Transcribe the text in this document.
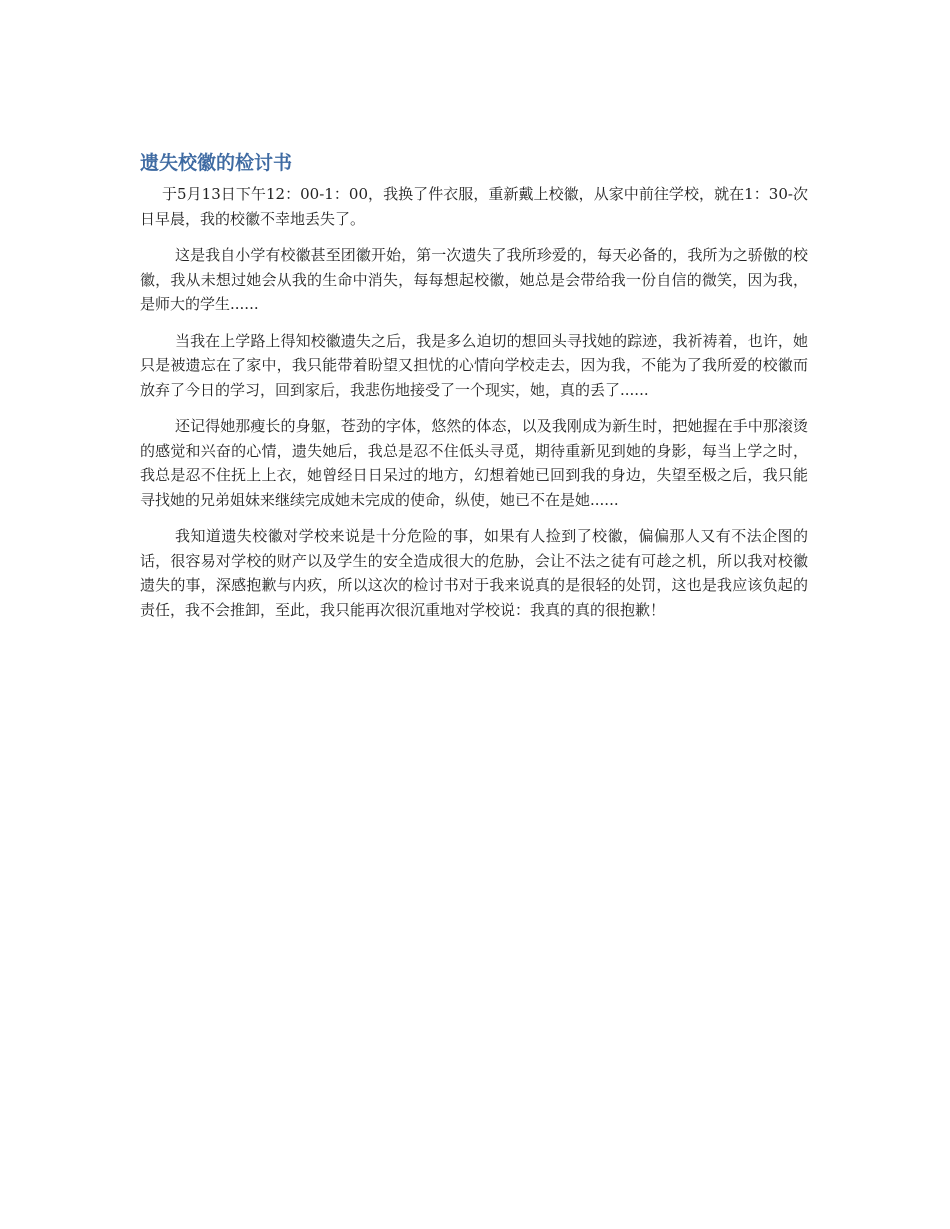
遗失校徽的检讨书

于5月13日下午12：00-1：00，我换了件衣服，重新戴上校徽，从家中前往学校，就在1：30-次日早晨，我的校徽不幸地丢失了。

这是我自小学有校徽甚至团徽开始，第一次遗失了我所珍爱的，每天必备的，我所为之骄傲的校徽，我从未想过她会从我的生命中消失，每每想起校徽，她总是会带给我一份自信的微笑，因为我，是师大的学生......

当我在上学路上得知校徽遗失之后，我是多么迫切的想回头寻找她的踪迹，我祈祷着，也许，她只是被遗忘在了家中，我只能带着盼望又担忧的心情向学校走去，因为我，不能为了我所爱的校徽而放弃了今日的学习，回到家后，我悲伤地接受了一个现实，她，真的丢了......

还记得她那瘦长的身躯，苍劲的字体，悠然的体态，以及我刚成为新生时，把她握在手中那滚烫的感觉和兴奋的心情，遗失她后，我总是忍不住低头寻觅，期待重新见到她的身影，每当上学之时，我总是忍不住抚上上衣，她曾经日日呆过的地方，幻想着她已回到我的身边，失望至极之后，我只能寻找她的兄弟姐妹来继续完成她未完成的使命，纵使，她已不在是她......

我知道遗失校徽对学校来说是十分危险的事，如果有人捡到了校徽，偏偏那人又有不法企图的话，很容易对学校的财产以及学生的安全造成很大的危胁，会让不法之徒有可趁之机，所以我对校徽遗失的事，深感抱歉与内疚，所以这次的检讨书对于我来说真的是很轻的处罚，这也是我应该负起的责任，我不会推卸，至此，我只能再次很沉重地对学校说：我真的真的很抱歉！
